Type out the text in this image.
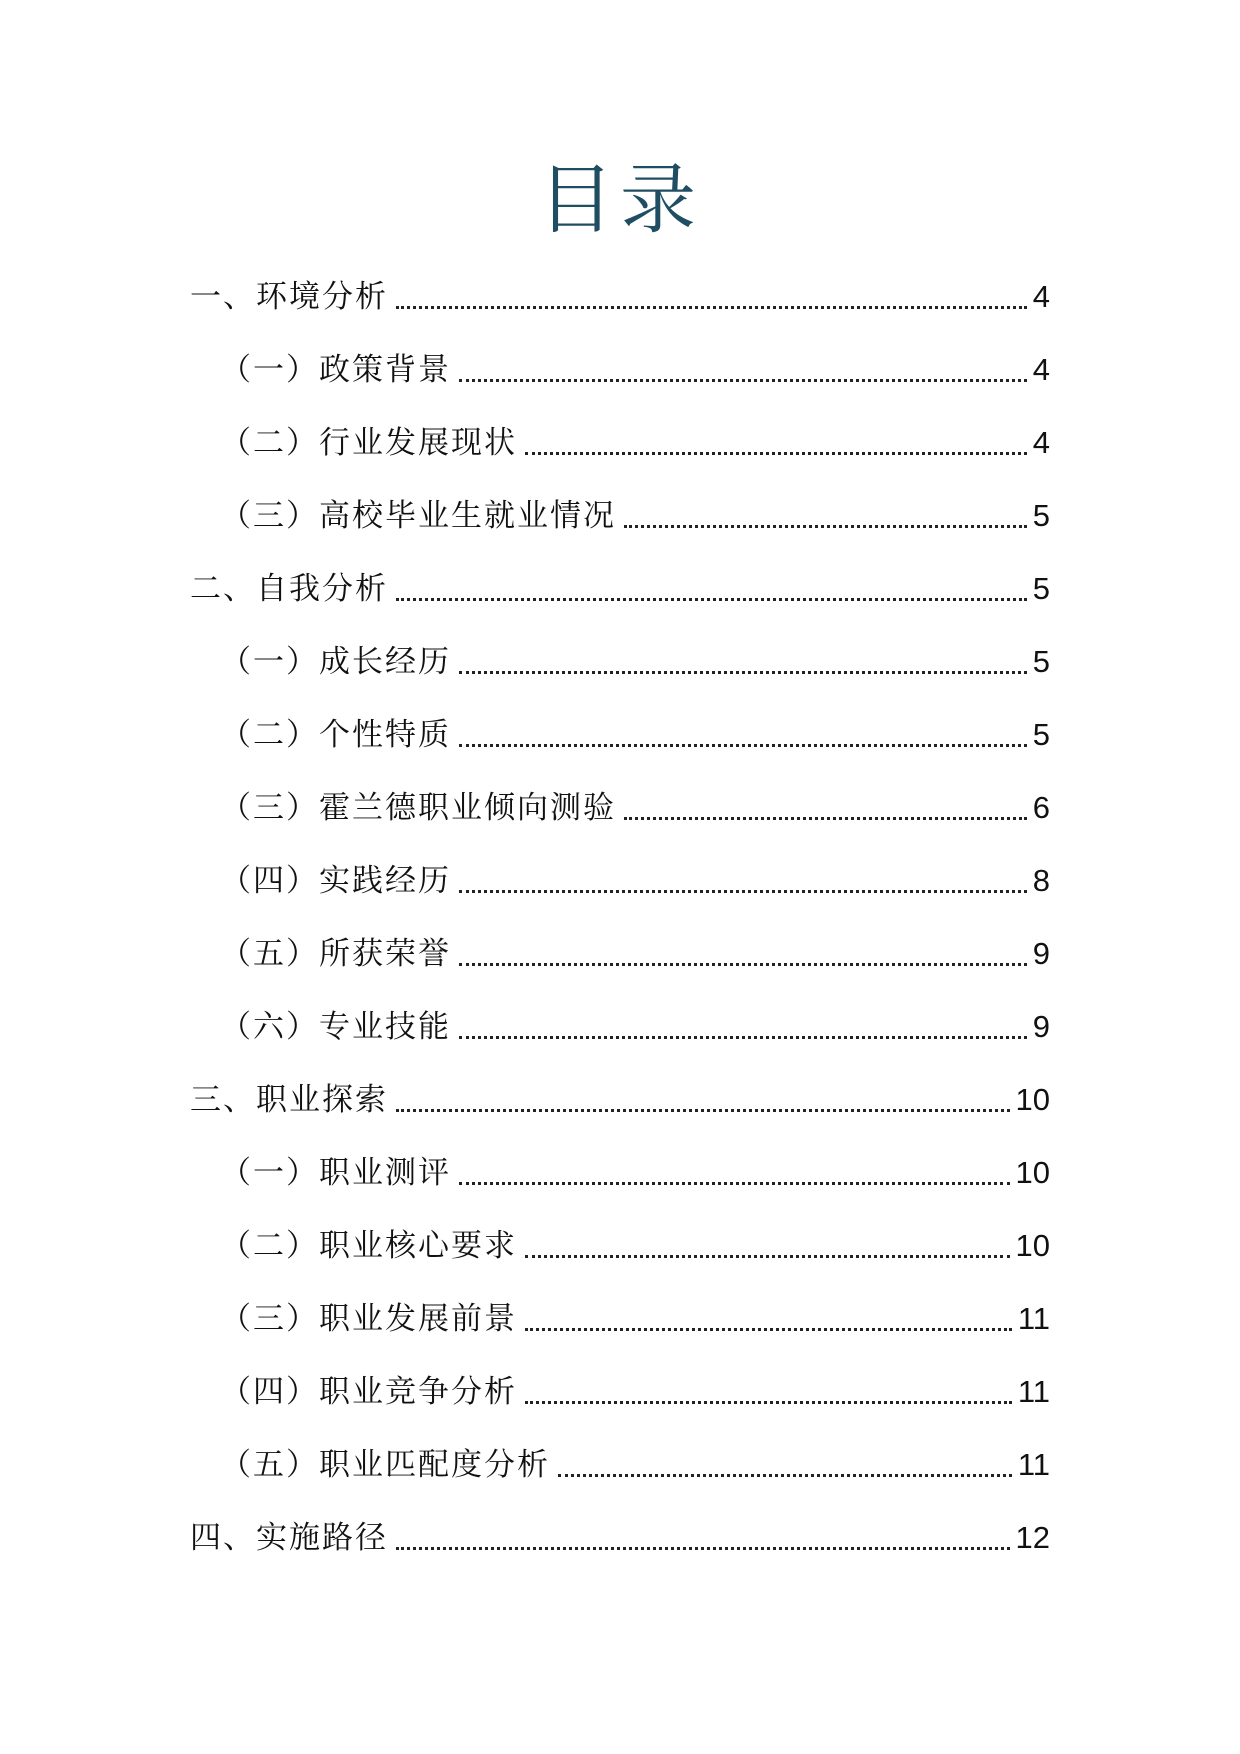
目录
一、环境分析	4
（一）政策背景	4
（二）行业发展现状	4
（三）高校毕业生就业情况	5
二、自我分析	5
（一）成长经历	5
（二）个性特质	5
（三）霍兰德职业倾向测验	6
（四）实践经历	8
（五）所获荣誉	9
（六）专业技能	9
三、职业探索	10
（一）职业测评	10
（二）职业核心要求	10
（三）职业发展前景	11
（四）职业竞争分析	11
（五）职业匹配度分析	11
四、实施路径	12
